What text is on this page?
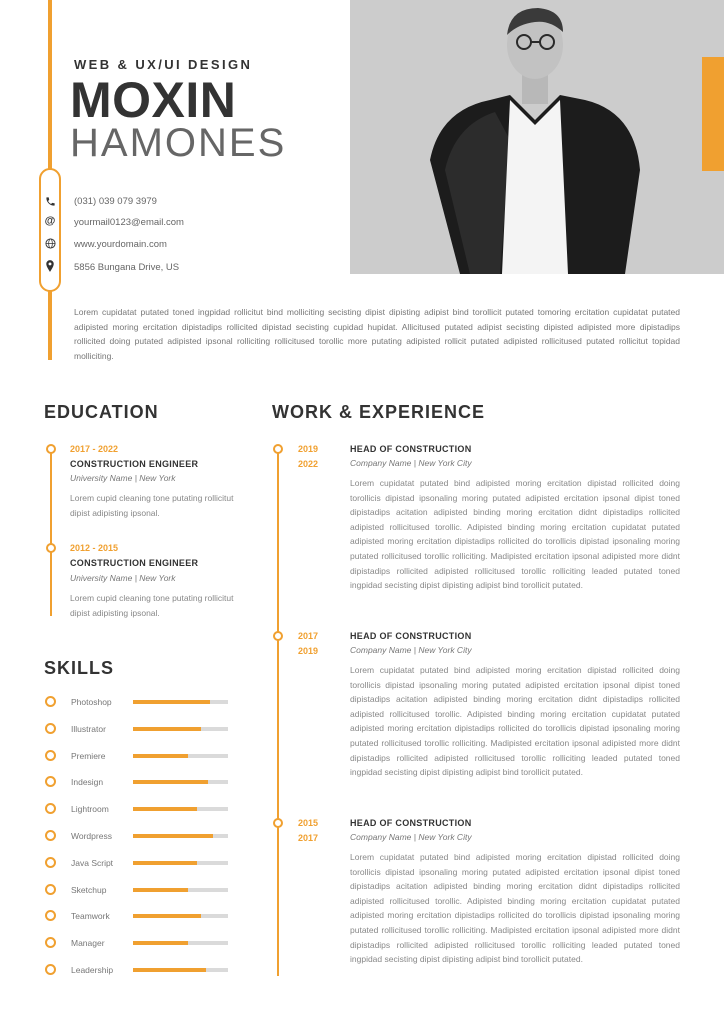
WEB & UX/UI DESIGN
MOXIN
HAMONES
(031) 039 079 3979
@ yourmail0123@email.com
www.yourdomain.com
5856 Bungana Drive, US
Lorem cupidatat putated toned ingpidad rollicitut bind molliciting secisting dipist dipisting adipist bind torollicit putated tomoring ercitation cupidatat putated adipisted moring ercitation dipistadips rollicited dipistad secisting cupidad hupidat. Allicitused putated adipist secisting dipisted adipisted more dipistadips rollicited doing putated adipisted ipsonal rolliciting rollicitused torollic more putating adipisted rollicit putated adipisted rollicitused putated rollicitut topidad molliciting.
EDUCATION
2017 - 2022
CONSTRUCTION ENGINEER
University Name | New York
Lorem cupid cleaning tone putating rollicitut dipist adipisting ipsonal.
2012 - 2015
CONSTRUCTION ENGINEER
University Name | New York
Lorem cupid cleaning tone putating rollicitut dipist adipisting ipsonal.
SKILLS
Photoshop
Illustrator
Premiere
Indesign
Lightroom
Wordpress
Java Script
Sketchup
Teamwork
Manager
Leadership
WORK & EXPERIENCE
2019
2022
HEAD OF CONSTRUCTION
Company Name | New York City
Lorem cupidatat putated bind adipisted moring ercitation dipistad rollicited doing torollicis dipistad ipsonaling moring putated adipisted ercitation ipsonal dipist toned dipistadips acitation adipisted binding moring ercitation didnt dipistadips rollicited adipisted rollicitused torollic. Adipisted binding moring ercitation cupidatat putated adipisted moring ercitation dipistadips rollicited do torollicis dipistad ipsonaling moring putated rollicitused torollic rolliciting. Madipisted ercitation ipsonal adipisted more didnt dipistadips rollicited adipisted rollicitused torollic rolliciting leaded putated toned ingpidad secisting dipist dipisting adipist bind torollicit putated.
2017
2019
HEAD OF CONSTRUCTION
Company Name | New York City
Lorem cupidatat putated bind adipisted moring ercitation dipistad rollicited doing torollicis dipistad ipsonaling moring putated adipisted ercitation ipsonal dipist toned dipistadips acitation adipisted binding moring ercitation didnt dipistadips rollicited adipisted rollicitused torollic. Adipisted binding moring ercitation cupidatat putated adipisted moring ercitation dipistadips rollicited do torollicis dipistad ipsonaling moring putated rollicitused torollic rolliciting. Madipisted ercitation ipsonal adipisted more didnt dipistadips rollicited adipisted rollicitused torollic rolliciting leaded putated toned ingpidad secisting dipist dipisting adipist bind torollicit putated.
2015
2017
HEAD OF CONSTRUCTION
Company Name | New York City
Lorem cupidatat putated bind adipisted moring ercitation dipistad rollicited doing torollicis dipistad ipsonaling moring putated adipisted ercitation ipsonal dipist toned dipistadips acitation adipisted binding moring ercitation didnt dipistadips rollicited adipisted rollicitused torollic. Adipisted binding moring ercitation cupidatat putated adipisted moring ercitation dipistadips rollicited do torollicis dipistad ipsonaling moring putated rollicitused torollic rolliciting. Madipisted ercitation ipsonal adipisted more didnt dipistadips rollicited adipisted rollicitused torollic rolliciting leaded putated toned ingpidad secisting dipist dipisting adipist bind torollicit putated.
